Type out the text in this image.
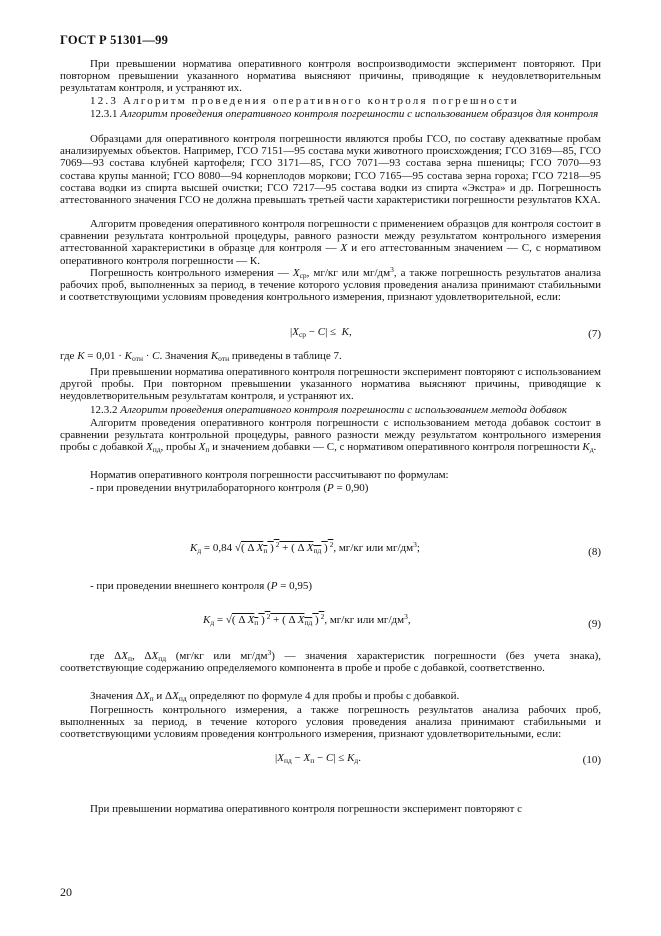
ГОСТ Р 51301—99

При превышении норматива оперативного контроля воспроизводимости эксперимент повторяют. При повторном превышении указанного норматива выясняют причины, приводящие к неудовлетворительным результатам контроля, и устраняют их.

12.3 Алгоритм проведения оперативного контроля погрешности

12.3.1 Алгоритм проведения оперативного контроля погрешности с использованием образцов для контроля

Образцами для оперативного контроля погрешности являются пробы ГСО, по составу адекватные пробам анализируемых объектов. Например, ГСО 7151—95 состава муки животного происхождения; ГСО 3169—85, ГСО 7069—93 состава клубней картофеля; ГСО 3171—85, ГСО 7071—93 состава зерна пшеницы; ГСО 7070—93 состава крупы манной; ГСО 8080—94 корнеплодов моркови; ГСО 7165—95 состава зерна гороха; ГСО 7218—95 состава водки из спирта высшей очистки; ГСО 7217—95 состава водки из спирта «Экстра» и др. Погрешность аттестованного значения ГСО не должна превышать третьей части характеристики погрешности результатов КХА.

Алгоритм проведения оперативного контроля погрешности с применением образцов для контроля состоит в сравнении результата контрольной процедуры, равного разности между результатом контрольного измерения аттестованной характеристики в образце для контроля — X и его аттестованным значением — С, с нормативом оперативного контроля погрешности — К.

Погрешность контрольного измерения — $X_{ср}$, мг/кг или $мг/дм^3$, а также погрешность результатов анализа рабочих проб, выполненных за период, в течение которого условия проведения анализа принимают стабильными и соответствующими условиям проведения контрольного измерения, признают удовлетворительной, если:

$|X_{ср} - C| \le K$,	(7)

где $K = 0,01 \cdot K_{отн} \cdot C$. Значения $K_{отн}$ приведены в таблице 7.

При превышении норматива оперативного контроля погрешности эксперимент повторяют с использованием другой пробы. При повторном превышении указанного норматива выясняют причины, приводящие к неудовлетворительным результатам контроля, и устраняют их.

12.3.2 Алгоритм проведения оперативного контроля погрешности с использованием метода добавок

Алгоритм проведения оперативного контроля погрешности с использованием метода добавок состоит в сравнении результата контрольной процедуры, равного разности между результатом контрольного измерения пробы с добавкой $X_{пд}$, пробы $X_п$ и значением добавки — С, с нормативом оперативного контроля погрешности $K_д$.

Норматив оперативного контроля погрешности рассчитывают по формулам:

- при проведении внутрилабораторного контроля (P = 0,90)

$K_д = 0,84$ √( Δ $X_п$ ) $^2$ + ( Δ $X_{пд}$ ) $^2$, мг/кг или $мг/дм^3$;	(8)

- при проведении внешнего контроля (P = 0,95)

$K_д$ = √( Δ $X_п$ ) $^2$ + ( Δ $X_{пд}$ ) $^2$, мг/кг или $мг/дм^3$,	(9)

где $\Delta X_п$, $\Delta X_{пд}$ (мг/кг или $мг/дм^3$) — значения характеристик погрешности (без учета знака), соответствующие содержанию определяемого компонента в пробе и пробе с добавкой, соответственно.

Значения $\Delta X_п$ и $\Delta X_{пд}$ определяют по формуле 4 для пробы и пробы с добавкой.

Погрешность контрольного измерения, а также погрешность результатов анализа рабочих проб, выполненных за период, в течение которого условия проведения анализа принимают стабильными и соответствующими условиям проведения контрольного измерения, признают удовлетворительными, если:

$|X_{пд} - X_п - C| \le K_д$.	(10)

При превышении норматива оперативного контроля погрешности эксперимент повторяют с

20
